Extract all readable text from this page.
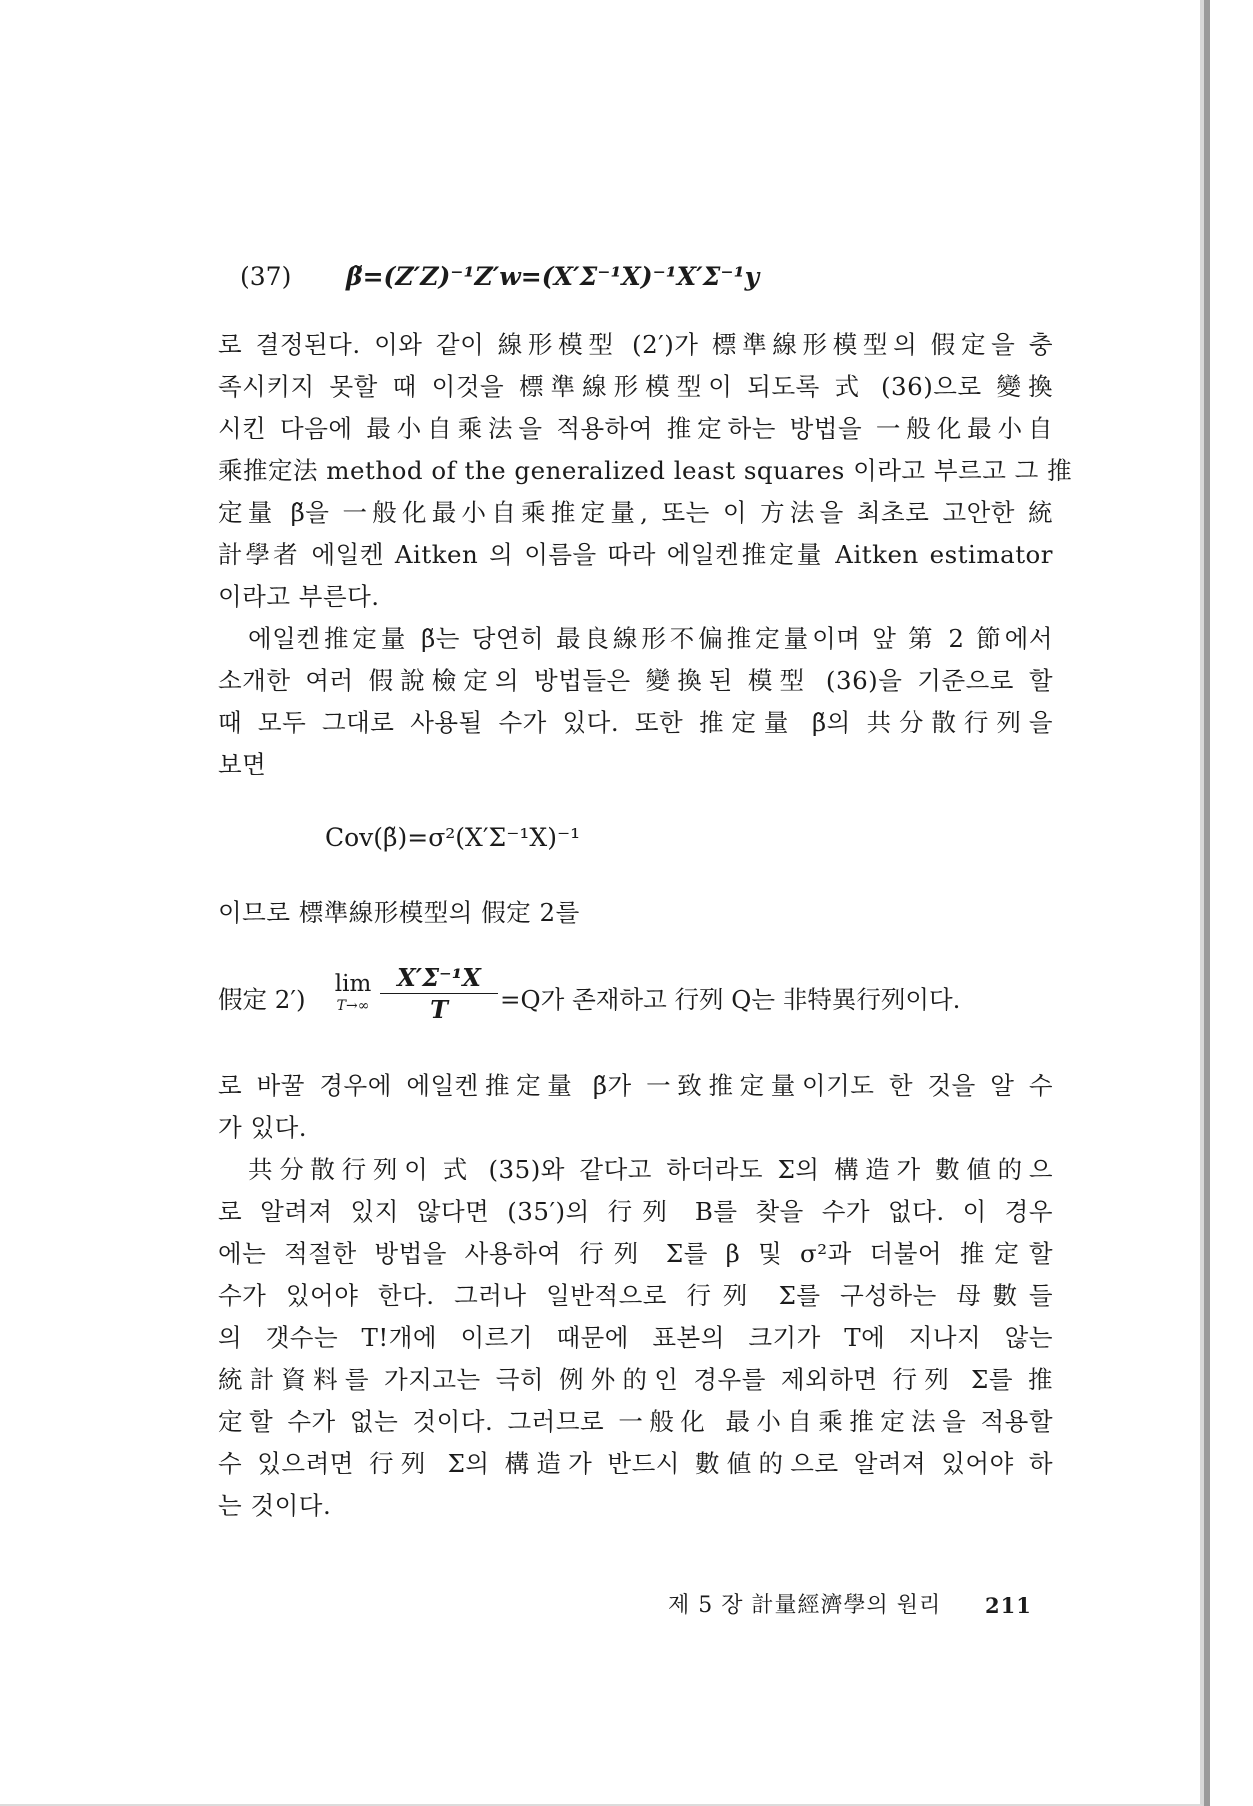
(37) β̃=(Z′Z)⁻¹Z′w=(X′Σ⁻¹X)⁻¹X′Σ⁻¹y
로 결정된다. 이와 같이 線形模型 (2′)가 標準線形模型의 假定을 충
족시키지 못할 때 이것을 標準線形模型이 되도록 式 (36)으로 變換
시킨 다음에 最小自乘法을 적용하여 推定하는 방법을 一般化最小自
乘推定法 method of the generalized least squares 이라고 부르고 그 推
定量 β̃을 一般化最小自乘推定量, 또는 이 方法을 최초로 고안한 統
計學者 에일켄 Aitken 의 이름을 따라 에일켄推定量 Aitken estimator
이라고 부른다.
에일켄推定量 β̃는 당연히 最良線形不偏推定量이며 앞 第 2 節에서
소개한 여러 假說檢定의 방법들은 變換된 模型 (36)을 기준으로 할
때 모두 그대로 사용될 수가 있다. 또한 推定量 β̃의 共分散行列을
보면
Cov(β̃)=σ²(X′Σ⁻¹X)⁻¹
이므로 標準線形模型의 假定 2를
假定 2′)
lim
$T\to\infty \frac{\text{X′Σ⁻¹X}}{T} =Q$가 존재하고 行列 Q는 非特異行列이다.
로 바꿀 경우에 에일켄推定量 β̃가 一致推定量이기도 한 것을 알 수
가 있다.
共分散行列이 式 (35)와 같다고 하더라도 Σ의 構造가 數値的으
로 알려져 있지 않다면 (35′)의 行列 B를 찾을 수가 없다. 이 경우
에는 적절한 방법을 사용하여 行列 Σ를 β 및 σ²과 더불어 推定할
수가 있어야 한다. 그러나 일반적으로 行列 Σ를 구성하는 母數들
의 갯수는 T!개에 이르기 때문에 표본의 크기가 T에 지나지 않는
統計資料를 가지고는 극히 例外的인 경우를 제외하면 行列 Σ를 推
定할 수가 없는 것이다. 그러므로 一般化 最小自乘推定法을 적용할
수 있으려면 行列 Σ의 構造가 반드시 數値的으로 알려져 있어야 하
는 것이다.
제 5 장 計量經濟學의 원리 211
